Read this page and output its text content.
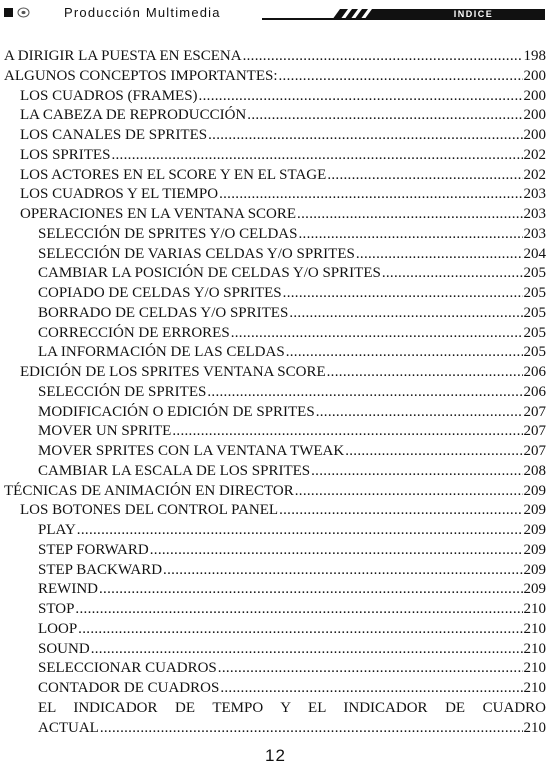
Producción Multimedia	INDICE
A DIRIGIR LA PUESTA EN ESCENA .....	198
ALGUNOS CONCEPTOS IMPORTANTES: .....	200
LOS CUADROS (FRAMES) .....	200
LA CABEZA DE REPRODUCCIÓN .....	200
LOS CANALES DE SPRITES .....	200
LOS SPRITES .....	202
LOS ACTORES EN EL SCORE Y EN EL STAGE .....	202
LOS CUADROS Y EL TIEMPO .....	203
OPERACIONES EN LA VENTANA SCORE .....	203
SELECCIÓN DE SPRITES Y/O CELDAS .....	203
SELECCIÓN DE VARIAS CELDAS Y/O SPRITES .....	204
CAMBIAR LA POSICIÓN DE CELDAS Y/O SPRITES .....	205
COPIADO DE CELDAS Y/O SPRITES .....	205
BORRADO DE CELDAS Y/O SPRITES .....	205
CORRECCIÓN DE ERRORES .....	205
LA INFORMACIÓN DE LAS CELDAS .....	205
EDICIÓN DE LOS SPRITES VENTANA SCORE .....	206
SELECCIÓN DE SPRITES .....	206
MODIFICACIÓN O EDICIÓN DE SPRITES .....	207
MOVER UN SPRITE .....	207
MOVER SPRITES CON LA VENTANA TWEAK .....	207
CAMBIAR LA ESCALA DE LOS SPRITES .....	208
TÉCNICAS DE ANIMACIÓN EN DIRECTOR .....	209
LOS BOTONES DEL CONTROL PANEL .....	209
PLAY .....	209
STEP FORWARD .....	209
STEP BACKWARD .....	209
REWIND .....	209
STOP .....	210
LOOP .....	210
SOUND .....	210
SELECCIONAR CUADROS .....	210
CONTADOR DE CUADROS .....	210
EL INDICADOR DE TEMPO Y EL INDICADOR DE CUADRO
ACTUAL .....	210
12
